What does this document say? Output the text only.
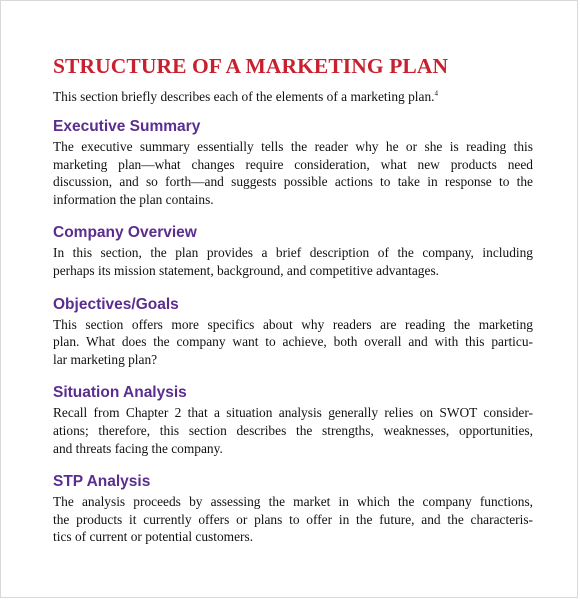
STRUCTURE OF A MARKETING PLAN

This section briefly describes each of the elements of a marketing plan.$^4$

Executive Summary

The executive summary essentially tells the reader why he or she is reading this
marketing plan—what changes require consideration, what new products need
discussion, and so forth—and suggests possible actions to take in response to the
information the plan contains.

Company Overview

In this section, the plan provides a brief description of the company, including
perhaps its mission statement, background, and competitive advantages.

Objectives/Goals

This section offers more specifics about why readers are reading the marketing
plan. What does the company want to achieve, both overall and with this particu-
lar marketing plan?

Situation Analysis

Recall from Chapter 2 that a situation analysis generally relies on SWOT consider-
ations; therefore, this section describes the strengths, weaknesses, opportunities,
and threats facing the company.

STP Analysis

The analysis proceeds by assessing the market in which the company functions,
the products it currently offers or plans to offer in the future, and the characteris-
tics of current or potential customers.
